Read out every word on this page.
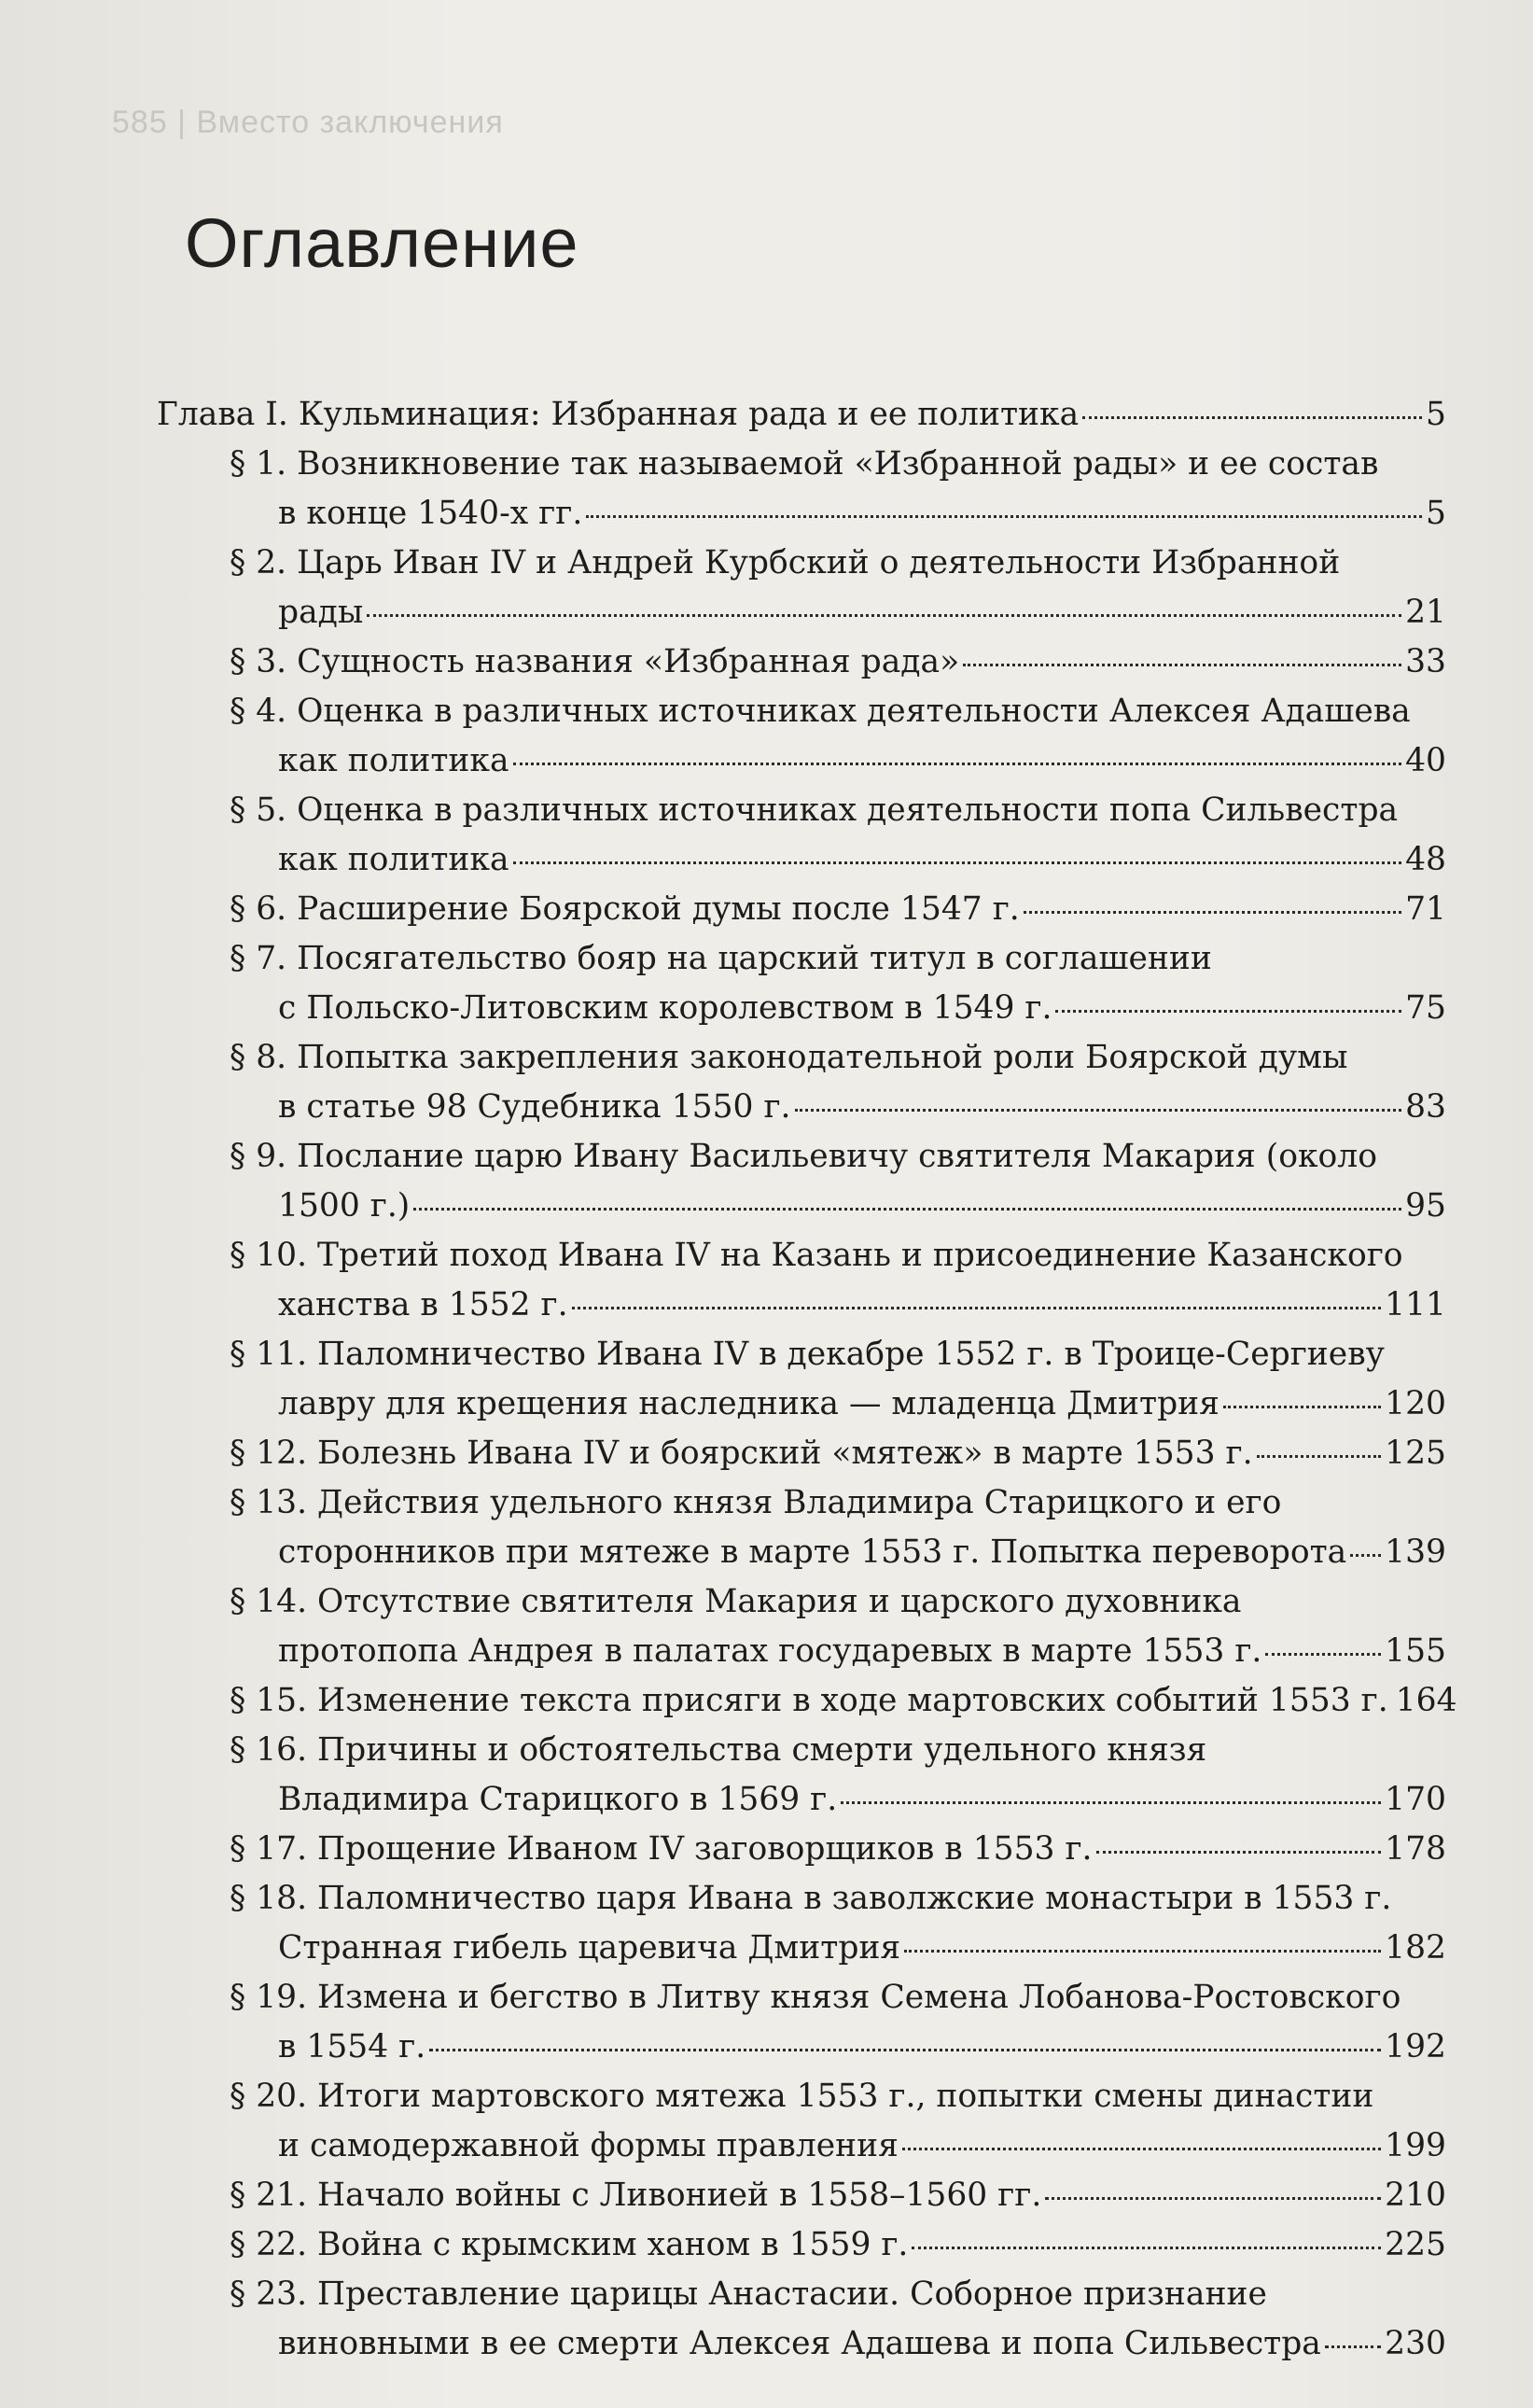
585 | Вместо заключения
Оглавление
Глава I. Кульминация: Избранная рада и ее политика	5
§ 1. Возникновение так называемой «Избранной рады» и ее состав
в конце 1540-х гг.	5
§ 2. Царь Иван IV и Андрей Курбский о деятельности Избранной
рады	21
§ 3. Сущность названия «Избранная рада»	33
§ 4. Оценка в различных источниках деятельности Алексея Адашева
как политика	40
§ 5. Оценка в различных источниках деятельности попа Сильвестра
как политика	48
§ 6. Расширение Боярской думы после 1547 г.	71
§ 7. Посягательство бояр на царский титул в соглашении
с Польско-Литовским королевством в 1549 г.	75
§ 8. Попытка закрепления законодательной роли Боярской думы
в статье 98 Судебника 1550 г.	83
§ 9. Послание царю Ивану Васильевичу святителя Макария (около
1500 г.)	95
§ 10. Третий поход Ивана IV на Казань и присоединение Казанского
ханства в 1552 г.	111
§ 11. Паломничество Ивана IV в декабре 1552 г. в Троице-Сергиеву
лавру для крещения наследника — младенца Дмитрия	120
§ 12. Болезнь Ивана IV и боярский «мятеж» в марте 1553 г.	125
§ 13. Действия удельного князя Владимира Старицкого и его
сторонников при мятеже в марте 1553 г. Попытка переворота 139
§ 14. Отсутствие святителя Макария и царского духовника
протопопа Андрея в палатах государевых в марте 1553 г.	155
§ 15. Изменение текста присяги в ходе мартовских событий 1553 г. 164
§ 16. Причины и обстоятельства смерти удельного князя
Владимира Старицкого в 1569 г.	170
§ 17. Прощение Иваном IV заговорщиков в 1553 г.	178
§ 18. Паломничество царя Ивана в заволжские монастыри в 1553 г.
Странная гибель царевича Дмитрия	182
§ 19. Измена и бегство в Литву князя Семена Лобанова-Ростовского
в 1554 г.	192
§ 20. Итоги мартовского мятежа 1553 г., попытки смены династии
и самодержавной формы правления	199
§ 21. Начало войны с Ливонией в 1558–1560 гг.	210
§ 22. Война с крымским ханом в 1559 г.	225
§ 23. Преставление царицы Анастасии. Соборное признание
виновными в ее смерти Алексея Адашева и попа Сильвестра 230
